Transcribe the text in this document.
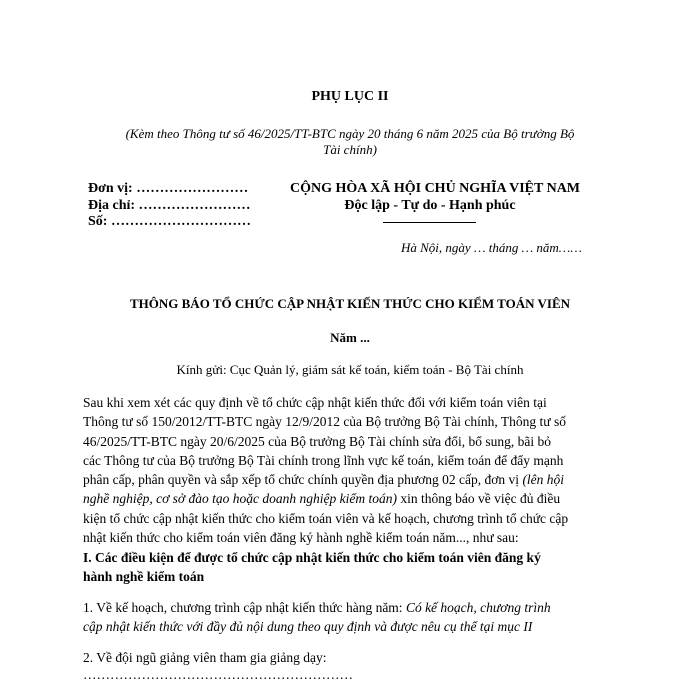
PHỤ LỤC II
(Kèm theo Thông tư số 46/2025/TT-BTC ngày 20 tháng 6 năm 2025 của Bộ trưởng Bộ
Tài chính)
Đơn vị: ……………………
Địa chỉ: ……………………
Số: …………………………
CỘNG HÒA XÃ HỘI CHỦ NGHĨA VIỆT NAM
Độc lập - Tự do - Hạnh phúc
Hà Nội, ngày … tháng … năm……
THÔNG BÁO TỔ CHỨC CẬP NHẬT KIẾN THỨC CHO KIỂM TOÁN VIÊN
Năm ...
Kính gửi: Cục Quản lý, giám sát kế toán, kiểm toán - Bộ Tài chính
Sau khi xem xét các quy định về tổ chức cập nhật kiến thức đối với kiểm toán viên tại
Thông tư số 150/2012/TT-BTC ngày 12/9/2012 của Bộ trưởng Bộ Tài chính, Thông tư số
46/2025/TT-BTC ngày 20/6/2025 của Bộ trưởng Bộ Tài chính sửa đổi, bổ sung, bãi bỏ
các Thông tư của Bộ trưởng Bộ Tài chính trong lĩnh vực kế toán, kiểm toán để đẩy mạnh
phân cấp, phân quyền và sắp xếp tổ chức chính quyền địa phương 02 cấp, đơn vị (lên hội
nghề nghiệp, cơ sở đào tạo hoặc doanh nghiệp kiểm toán) xin thông báo về việc đủ điều
kiện tổ chức cập nhật kiến thức cho kiểm toán viên và kế hoạch, chương trình tổ chức cập
nhật kiến thức cho kiểm toán viên đăng ký hành nghề kiểm toán năm..., như sau:
I. Các điều kiện để được tổ chức cập nhật kiến thức cho kiểm toán viên đăng ký
hành nghề kiểm toán
1. Về kế hoạch, chương trình cập nhật kiến thức hàng năm: Có kế hoạch, chương trình
cập nhật kiến thức với đầy đủ nội dung theo quy định và được nêu cụ thể tại mục II
2. Về đội ngũ giảng viên tham gia giảng dạy:
……………………………………………………
